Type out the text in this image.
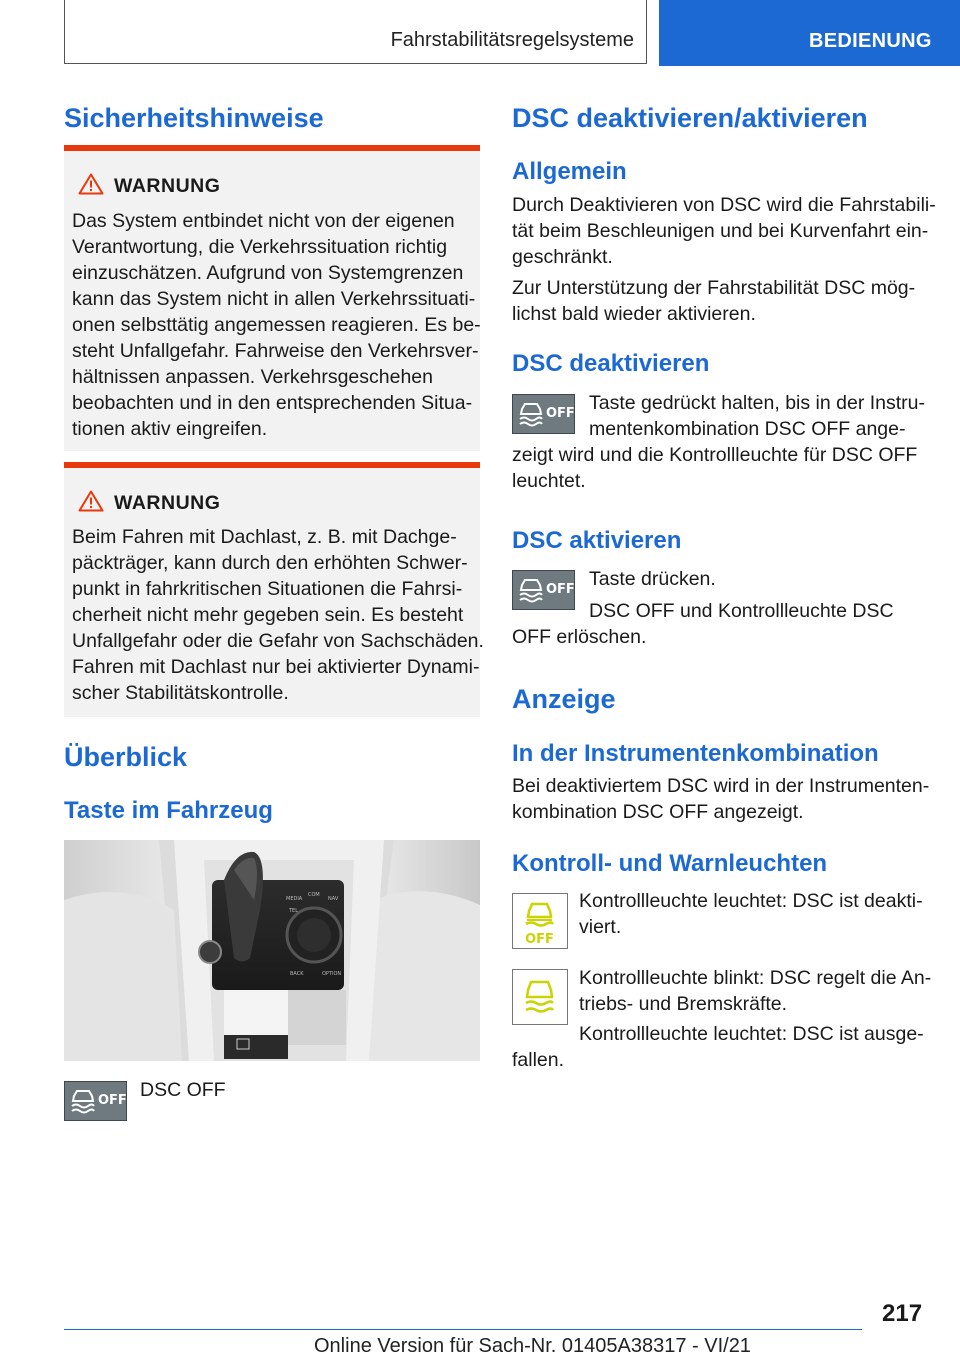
Fahrstabilitätsregelsysteme	BEDIENUNG
Sicherheitshinweise
WARNUNG

Das System entbindet nicht von der eigenen

Verantwortung, die Verkehrssituation richtig

einzuschätzen. Aufgrund von Systemgrenzen

kann das System nicht in allen Verkehrssituati-

onen selbsttätig angemessen reagieren. Es be-

steht Unfallgefahr. Fahrweise den Verkehrsver-

hältnissen anpassen. Verkehrsgeschehen

beobachten und in den entsprechenden Situa-

tionen aktiv eingreifen.

WARNUNG

Beim Fahren mit Dachlast, z. B. mit Dachge-

päckträger, kann durch den erhöhten Schwer-

punkt in fahrkritischen Situationen die Fahrsi-

cherheit nicht mehr gegeben sein. Es besteht

Unfallgefahr oder die Gefahr von Sachschäden.

Fahren mit Dachlast nur bei aktivierter Dynami-

scher Stabilitätskontrolle.

Überblick
Taste im Fahrzeug
MEDIA
COM
NAV
TEL
BACK	OPTION
OFF DSC OFF

DSC deaktivieren/aktivieren
Allgemein

Durch Deaktivieren von DSC wird die Fahrstabili-

tät beim Beschleunigen und bei Kurvenfahrt ein-

geschränkt.

Zur Unterstützung der Fahrstabilität DSC mög-

lichst bald wieder aktivieren.

DSC deaktivieren
OFF Taste gedrückt halten, bis in der Instru-

mentenkombination DSC OFF ange-

zeigt wird und die Kontrollleuchte für DSC OFF

leuchtet.

DSC aktivieren
OFF Taste drücken.

DSC OFF und Kontrollleuchte DSC

OFF erlöschen.

Anzeige
In der Instrumentenkombination

Bei deaktiviertem DSC wird in der Instrumenten-

kombination DSC OFF angezeigt.

Kontroll- und Warnleuchten
OFF

Kontrollleuchte leuchtet: DSC ist deakti-

viert.

Kontrollleuchte blinkt: DSC regelt die An-

triebs- und Bremskräfte.

Kontrollleuchte leuchtet: DSC ist ausge-

fallen.

217
Online Version für Sach-Nr. 01405A38317 - VI/21
